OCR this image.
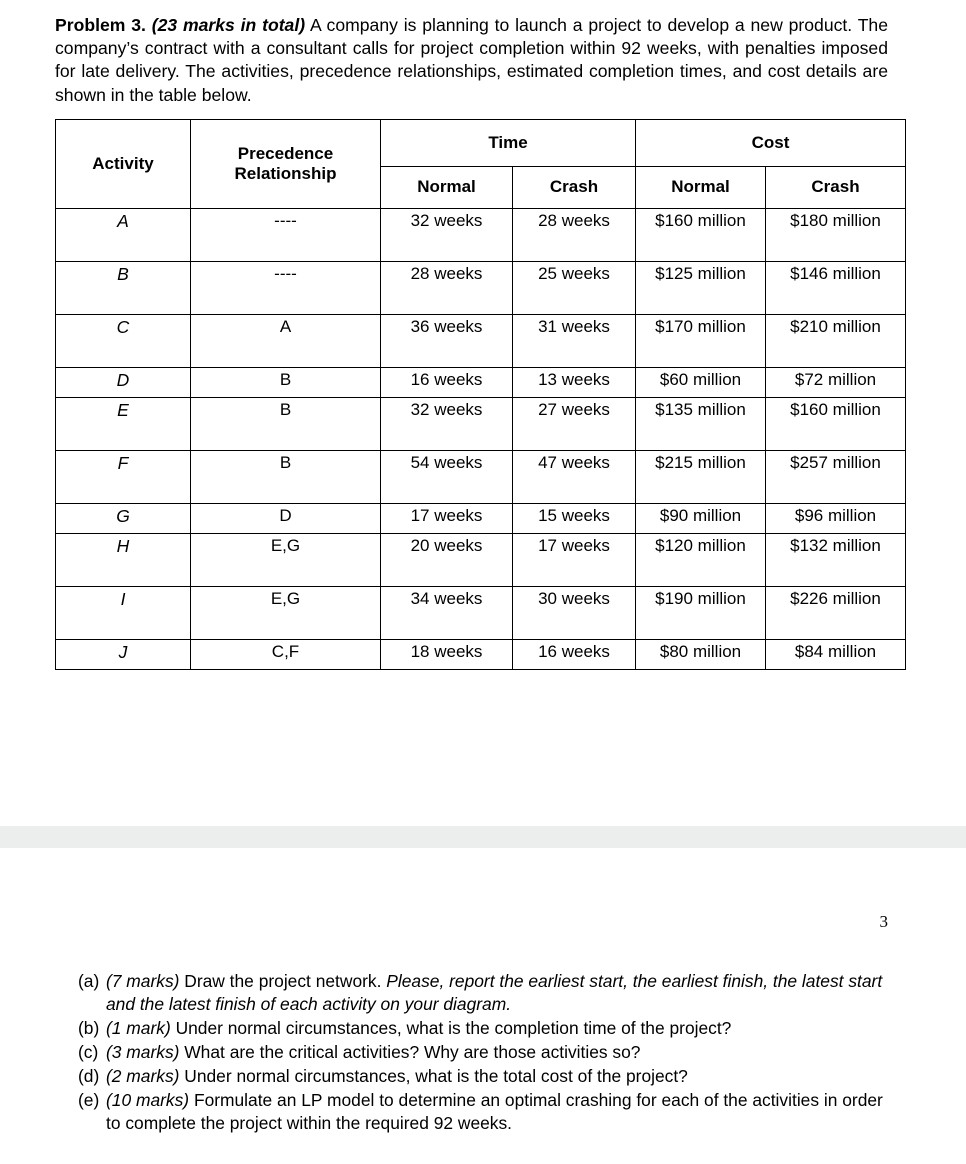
Problem 3. (23 marks in total) A company is planning to launch a project to develop a new product. The company’s contract with a consultant calls for project completion within 92 weeks, with penalties imposed for late delivery. The activities, precedence relationships, estimated completion times, and cost details are shown in the table below.

Activity	Precedence Relationship	Time		Cost	
		Normal	Crash	Normal	Crash
A	----	32 weeks	28 weeks	$160 million	$180 million
B	----	28 weeks	25 weeks	$125 million	$146 million
C	A	36 weeks	31 weeks	$170 million	$210 million
D	B	16 weeks	13 weeks	$60 million	$72 million
E	B	32 weeks	27 weeks	$135 million	$160 million
F	B	54 weeks	47 weeks	$215 million	$257 million
G	D	17 weeks	15 weeks	$90 million	$96 million
H	E,G	20 weeks	17 weeks	$120 million	$132 million
I	E,G	34 weeks	30 weeks	$190 million	$226 million
J	C,F	18 weeks	16 weeks	$80 million	$84 million
3
(a) (7 marks) Draw the project network. Please, report the earliest start, the earliest finish, the latest start and the latest finish of each activity on your diagram.
(b) (1 mark) Under normal circumstances, what is the completion time of the project?
(c) (3 marks) What are the critical activities? Why are those activities so?
(d) (2 marks) Under normal circumstances, what is the total cost of the project?
(e) (10 marks) Formulate an LP model to determine an optimal crashing for each of the activities in order to complete the project within the required 92 weeks.
